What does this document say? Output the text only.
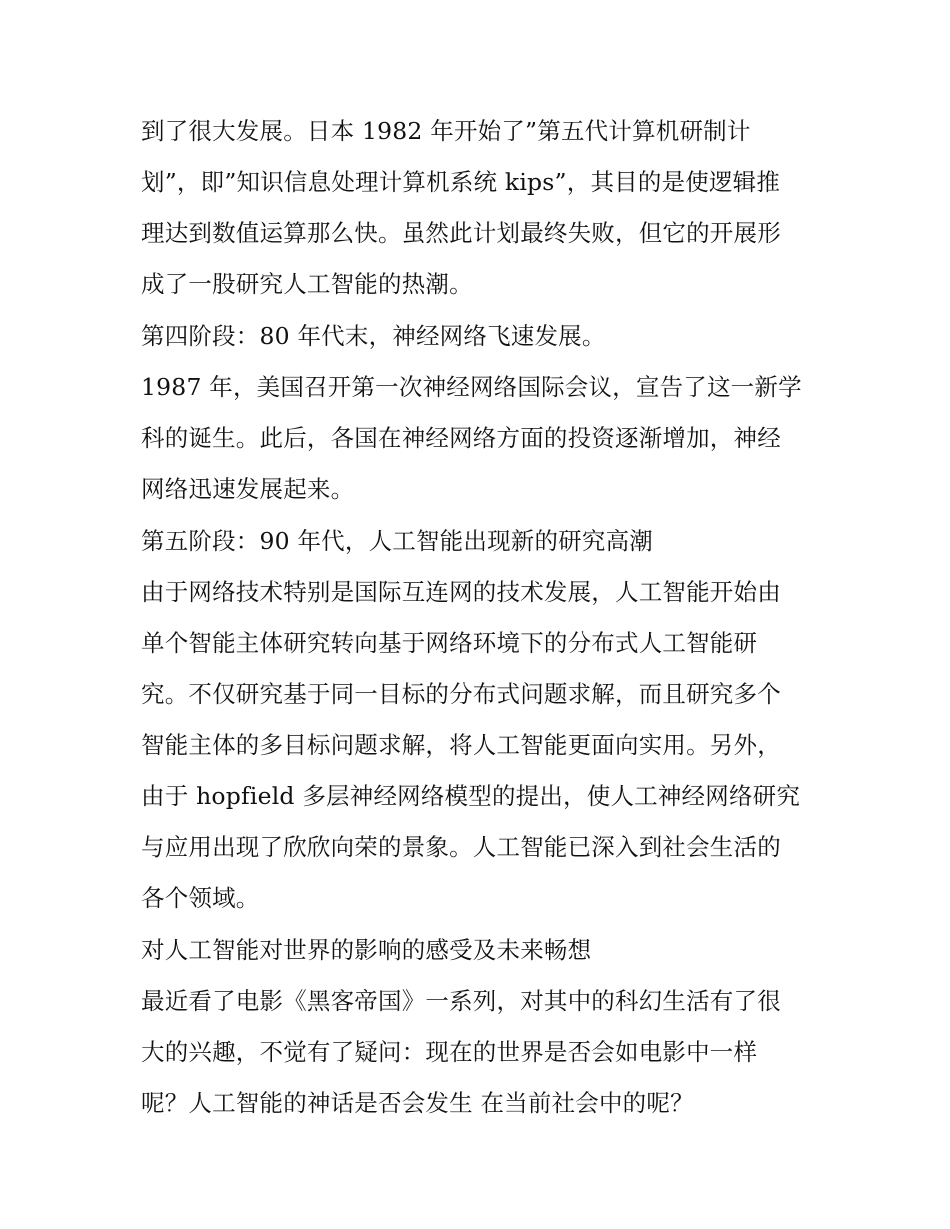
到了很大发展。日本 1982 年开始了”第五代计算机研制计

划”，即”知识信息处理计算机系统 kips”，其目的是使逻辑推

理达到数值运算那么快。虽然此计划最终失败，但它的开展形

成了一股研究人工智能的热潮。

第四阶段：80 年代末，神经网络飞速发展。

1987 年，美国召开第一次神经网络国际会议，宣告了这一新学

科的诞生。此后，各国在神经网络方面的投资逐渐增加，神经

网络迅速发展起来。

第五阶段：90 年代，人工智能出现新的研究高潮

由于网络技术特别是国际互连网的技术发展，人工智能开始由

单个智能主体研究转向基于网络环境下的分布式人工智能研

究。不仅研究基于同一目标的分布式问题求解，而且研究多个

智能主体的多目标问题求解，将人工智能更面向实用。另外，

由于 hopfield 多层神经网络模型的提出，使人工神经网络研究

与应用出现了欣欣向荣的景象。人工智能已深入到社会生活的

各个领域。

对人工智能对世界的影响的感受及未来畅想

最近看了电影《黑客帝国》一系列，对其中的科幻生活有了很

大的兴趣，不觉有了疑问：现在的世界是否会如电影中一样

呢？人工智能的神话是否会发生 在当前社会中的呢？
